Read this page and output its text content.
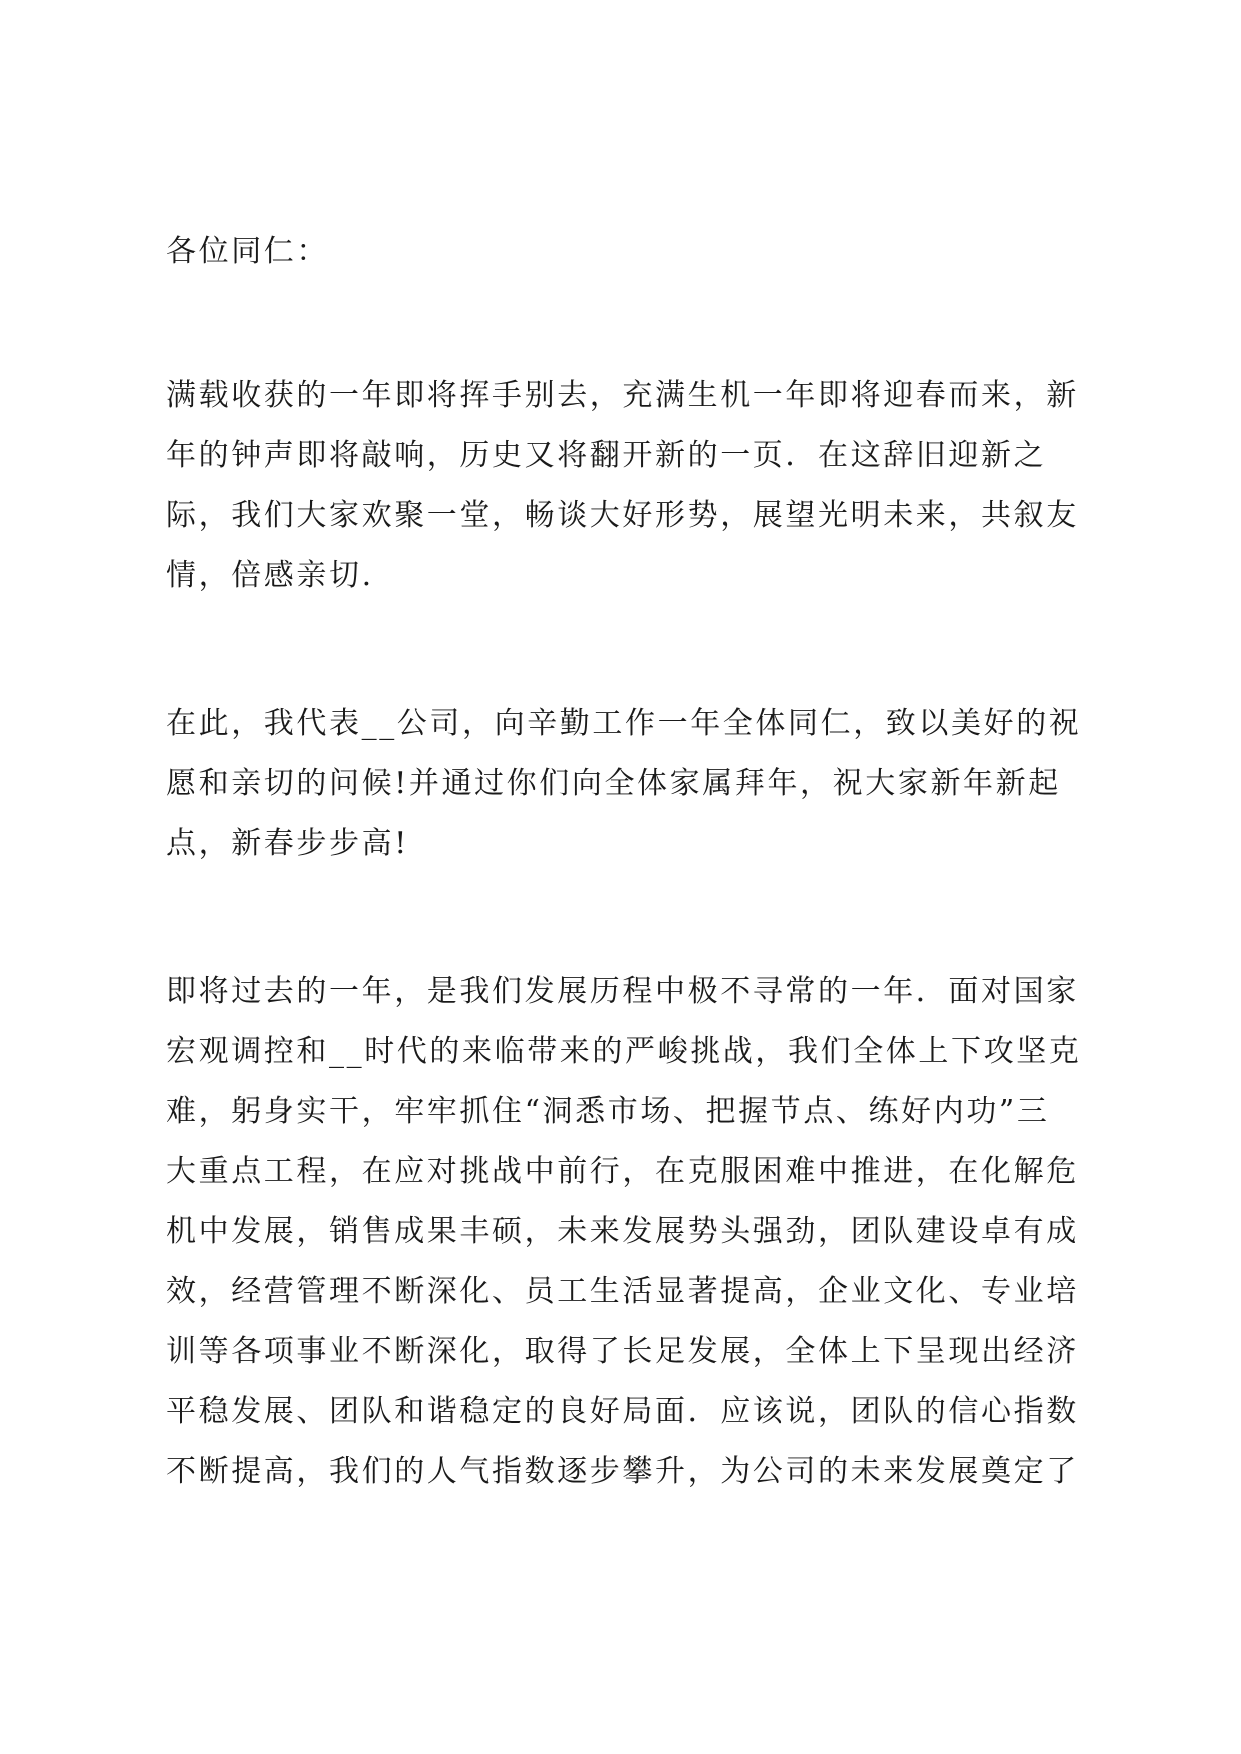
各位同仁：
满载收获的一年即将挥手别去，充满生机一年即将迎春而来，新
年的钟声即将敲响，历史又将翻开新的一页．在这辞旧迎新之
际，我们大家欢聚一堂，畅谈大好形势，展望光明未来，共叙友
情，倍感亲切.
在此，我代表__公司，向辛勤工作一年全体同仁，致以美好的祝
愿和亲切的问候!并通过你们向全体家属拜年，祝大家新年新起
点，新春步步高!
即将过去的一年，是我们发展历程中极不寻常的一年．面对国家
宏观调控和__时代的来临带来的严峻挑战，我们全体上下攻坚克
难，躬身实干，牢牢抓住“洞悉市场、把握节点、练好内功”三
大重点工程，在应对挑战中前行，在克服困难中推进，在化解危
机中发展，销售成果丰硕，未来发展势头强劲，团队建设卓有成
效，经营管理不断深化、员工生活显著提高，企业文化、专业培
训等各项事业不断深化，取得了长足发展，全体上下呈现出经济
平稳发展、团队和谐稳定的良好局面．应该说，团队的信心指数
不断提高，我们的人气指数逐步攀升，为公司的未来发展奠定了
